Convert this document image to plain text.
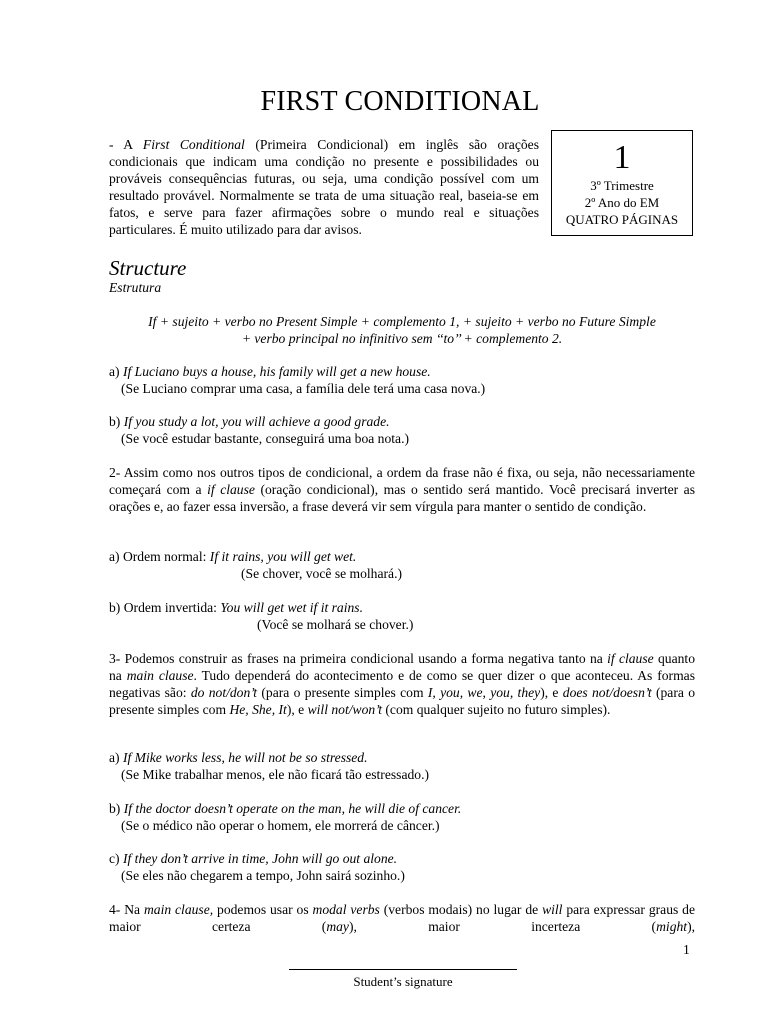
FIRST CONDITIONAL

- A First Conditional (Primeira Condicional) em inglês são orações condicionais que indicam uma condição no presente e possibilidades ou prováveis consequências futuras, ou seja, uma condição possível com um resultado provável. Normalmente se trata de uma situação real, baseia-se em fatos, e serve para fazer afirmações sobre o mundo real e situações particulares. É muito utilizado para dar avisos.

1
3º Trimestre
2º Ano do EM
QUATRO PÁGINAS
Structure
Estrutura
If + sujeito + verbo no Present Simple + complemento 1, + sujeito + verbo no Future Simple
+ verbo principal no infinitivo sem ‘‘to’’ + complemento 2.
a) If Luciano buys a house, his family will get a new house.
(Se Luciano comprar uma casa, a família dele terá uma casa nova.)
b) If you study a lot, you will achieve a good grade.
(Se você estudar bastante, conseguirá uma boa nota.)

2- Assim como nos outros tipos de condicional, a ordem da frase não é fixa, ou seja, não necessariamente começará com a if clause (oração condicional), mas o sentido será mantido. Você precisará inverter as orações e, ao fazer essa inversão, a frase deverá vir sem vírgula para manter o sentido de condição.

a) Ordem normal: If it rains, you will get wet.
(Se chover, você se molhará.)
b) Ordem invertida: You will get wet if it rains.
(Você se molhará se chover.)

3- Podemos construir as frases na primeira condicional usando a forma negativa tanto na if clause quanto na main clause. Tudo dependerá do acontecimento e de como se quer dizer o que aconteceu. As formas negativas são: do not/don’t (para o presente simples com I, you, we, you, they), e does not/doesn’t (para o presente simples com He, She, It), e will not/won’t (com qualquer sujeito no futuro simples).

a) If Mike works less, he will not be so stressed.
(Se Mike trabalhar menos, ele não ficará tão estressado.)
b) If the doctor doesn’t operate on the man, he will die of cancer.
(Se o médico não operar o homem, ele morrerá de câncer.)
c) If they don’t arrive in time, John will go out alone.
(Se eles não chegarem a tempo, John sairá sozinho.)

4- Na main clause, podemos usar os modal verbs (verbos modais) no lugar de will para expressar graus de maior certeza (may), maior incerteza (might),

1
Student’s signature
